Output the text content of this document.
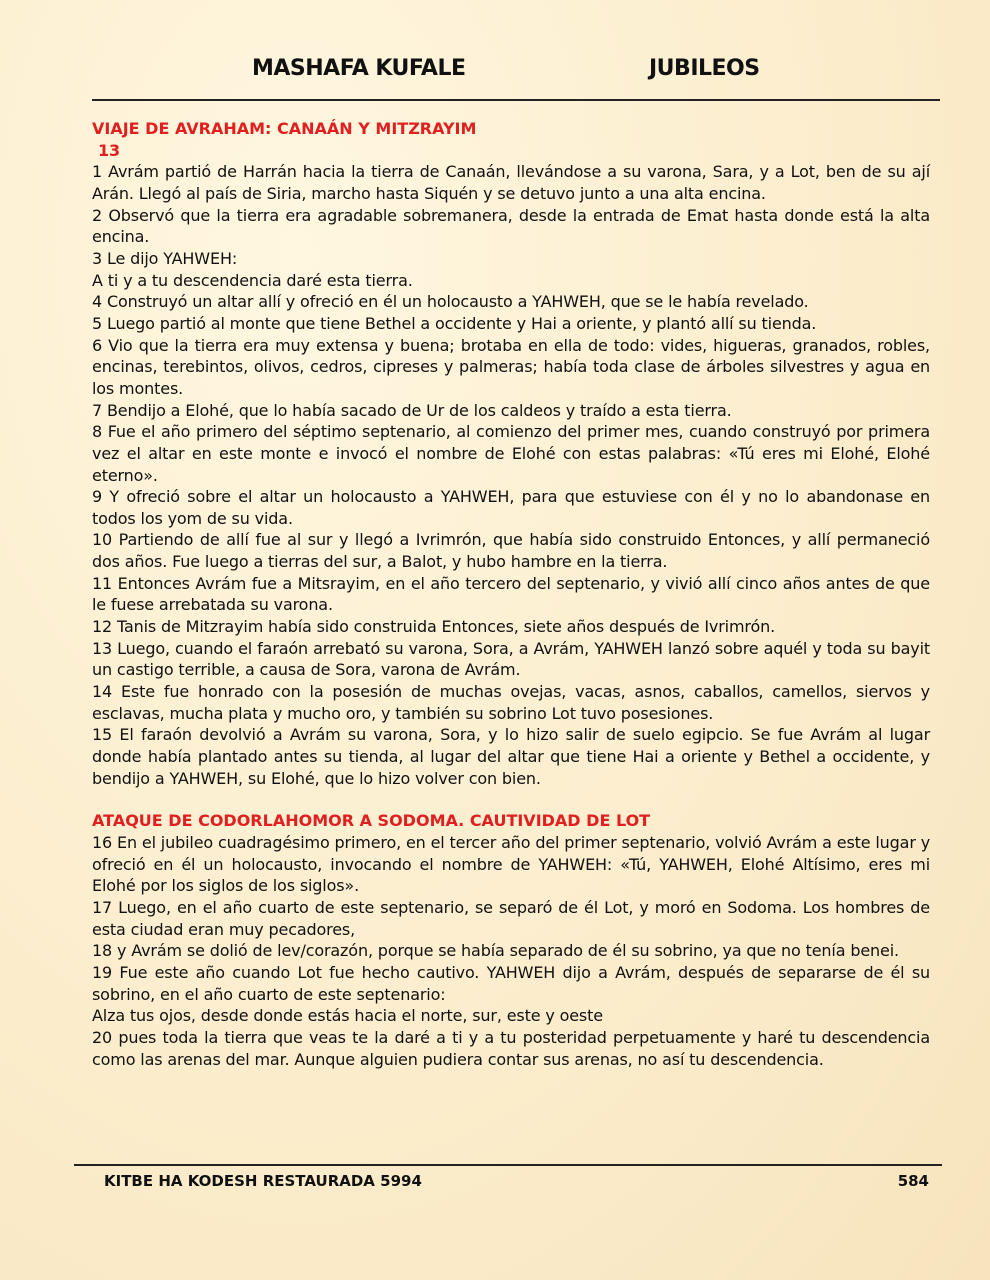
MASHAFA KUFALE	JUBILEOS

VIAJE DE AVRAHAM: CANAÁN Y MITZRAYIM

13

1 Avrám partió de Harrán hacia la tierra de Canaán, llevándose a su varona, Sara, y a Lot, ben de su ají Arán. Llegó al país de Siria, marcho hasta Siquén y se detuvo junto a una alta encina.

2 Observó que la tierra era agradable sobremanera, desde la entrada de Emat hasta donde está la alta encina.

3 Le dijo YAHWEH:

A ti y a tu descendencia daré esta tierra.

4 Construyó un altar allí y ofreció en él un holocausto a YAHWEH, que se le había revelado.

5 Luego partió al monte que tiene Bethel a occidente y Hai a oriente, y plantó allí su tienda.

6 Vio que la tierra era muy extensa y buena; brotaba en ella de todo: vides, higueras, granados, robles, encinas, terebintos, olivos, cedros, cipreses y palmeras; había toda clase de árboles silvestres y agua en los montes.

7 Bendijo a Elohé, que lo había sacado de Ur de los caldeos y traído a esta tierra.

8 Fue el año primero del séptimo septenario, al comienzo del primer mes, cuando construyó por primera vez el altar en este monte e invocó el nombre de Elohé con estas palabras: «Tú eres mi Elohé, Elohé eterno».

9 Y ofreció sobre el altar un holocausto a YAHWEH, para que estuviese con él y no lo abandonase en todos los yom de su vida.

10 Partiendo de allí fue al sur y llegó a Ivrimrón, que había sido construido Entonces, y allí permaneció dos años. Fue luego a tierras del sur, a Balot, y hubo hambre en la tierra.

11 Entonces Avrám fue a Mitsrayim, en el año tercero del septenario, y vivió allí cinco años antes de que le fuese arrebatada su varona.

12 Tanis de Mitzrayim había sido construida Entonces, siete años después de Ivrimrón.

13 Luego, cuando el faraón arrebató su varona, Sora, a Avrám, YAHWEH lanzó sobre aquél y toda su bayit un castigo terrible, a causa de Sora, varona de Avrám.

14 Este fue honrado con la posesión de muchas ovejas, vacas, asnos, caballos, camellos, siervos y esclavas, mucha plata y mucho oro, y también su sobrino Lot tuvo posesiones.

15 El faraón devolvió a Avrám su varona, Sora, y lo hizo salir de suelo egipcio. Se fue Avrám al lugar donde había plantado antes su tienda, al lugar del altar que tiene Hai a oriente y Bethel a occidente, y bendijo a YAHWEH, su Elohé, que lo hizo volver con bien.

ATAQUE DE CODORLAHOMOR A SODOMA. CAUTIVIDAD DE LOT

16 En el jubileo cuadragésimo primero, en el tercer año del primer septenario, volvió Avrám a este lugar y ofreció en él un holocausto, invocando el nombre de YAHWEH: «Tú, YAHWEH, Elohé Altísimo, eres mi Elohé por los siglos de los siglos».

17 Luego, en el año cuarto de este septenario, se separó de él Lot, y moró en Sodoma. Los hombres de esta ciudad eran muy pecadores,

18 y Avrám se dolió de lev/corazón, porque se había separado de él su sobrino, ya que no tenía benei.

19 Fue este año cuando Lot fue hecho cautivo. YAHWEH dijo a Avrám, después de separarse de él su sobrino, en el año cuarto de este septenario:

Alza tus ojos, desde donde estás hacia el norte, sur, este y oeste

20 pues toda la tierra que veas te la daré a ti y a tu posteridad perpetuamente y haré tu descendencia como las arenas del mar. Aunque alguien pudiera contar sus arenas, no así tu descendencia.

KITBE HA KODESH RESTAURADA 5994	584
